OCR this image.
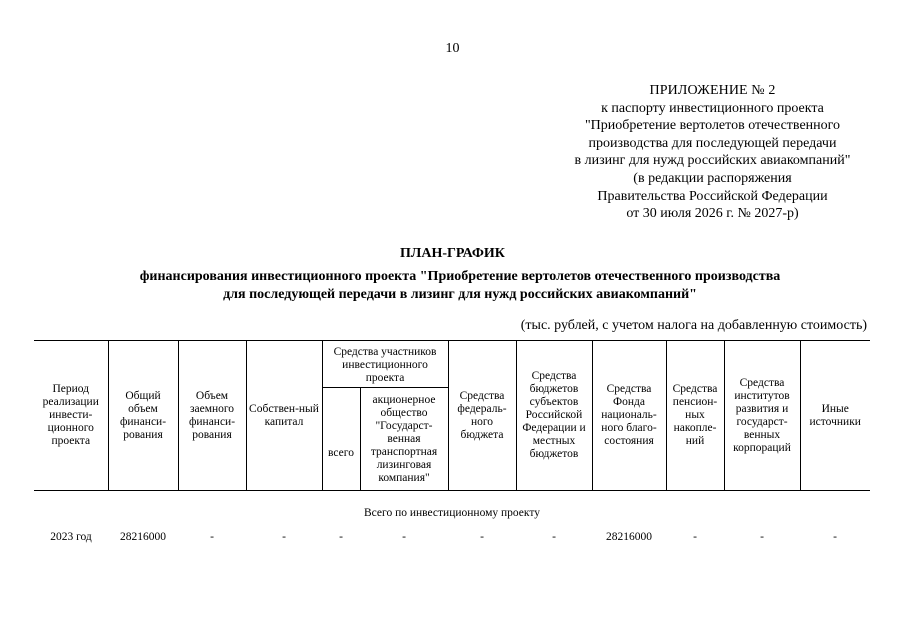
10
ПРИЛОЖЕНИЕ № 2
к паспорту инвестиционного проекта
"Приобретение вертолетов отечественного
производства для последующей передачи
в лизинг для нужд российских авиакомпаний"
(в редакции распоряжения
Правительства Российской Федерации
от 30 июля 2026 г. № 2027-р)
ПЛАН-ГРАФИК
финансирования инвестиционного проекта "Приобретение вертолетов отечественного производства
для последующей передачи в лизинг для нужд российских авиакомпаний"
(тыс. рублей, с учетом налога на добавленную стоимость)
Период реализации инвести-ционного проекта	Общий объем финанси-рования	Объем заемного финанси-рования	Собствен-ный капитал	Средства участников инвестиционного проекта		Средства федераль-ного бюджета	Средства бюджетов субъектов Российской Федерации и местных бюджетов	Средства Фонда националь-ного благо-состояния	Средства пенсион-ных накопле-ний	Средства институтов развития и государст-венных корпораций	Иные источники
				всего	акционерное общество "Государст-венная транспортная лизинговая компания"						
Всего по инвестиционному проекту											
2023 год	28216000	-	-	-	-	-	-	28216000	-	-	-
